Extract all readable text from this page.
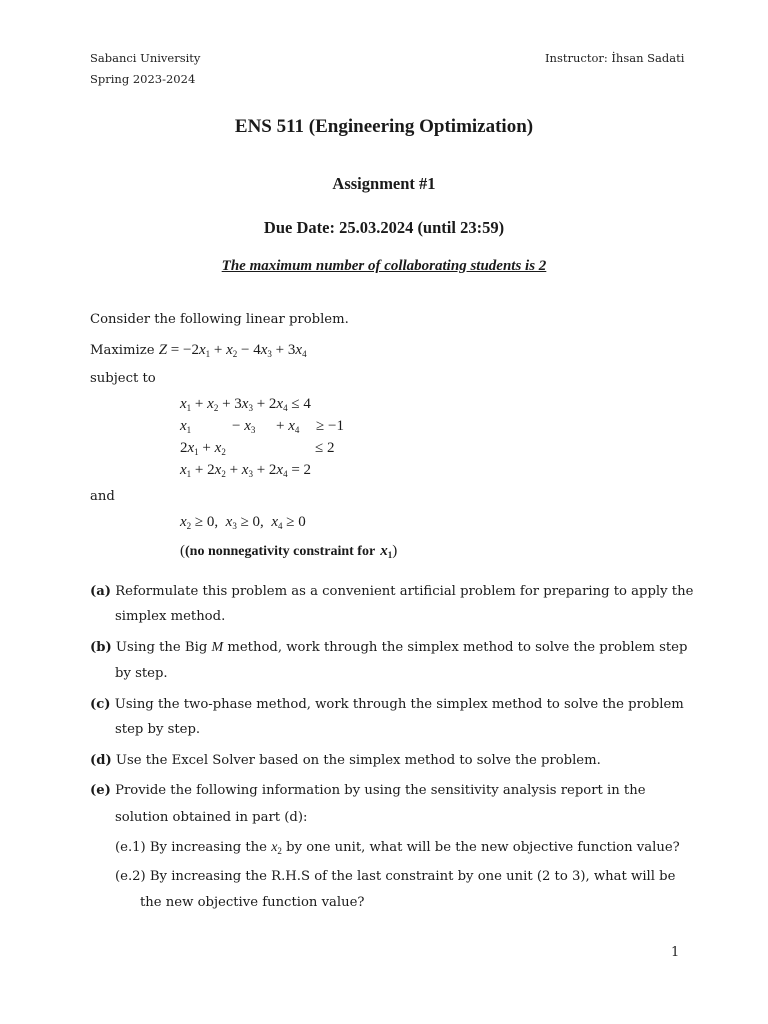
Sabanci University
Spring 2023-2024
Instructor: İhsan Sadati
ENS 511 (Engineering Optimization)
Assignment #1
Due Date: 25.03.2024 (until 23:59)
The maximum number of collaborating students is 2
Consider the following linear problem.
Maximize $Z = -2x_1 + x_2 - 4x_3 + 3x_4$
subject to
$x_1 + x_2 + 3x_3 + 2x_4 \le 4$
$x_1$	− $x_3 + x_4 \ge -1$
$2x_1 + x_2$	≤ 2
$x_1 + 2x_2 + x_3 + 2x_4 = 2$
and
$x_2 \ge 0$,  $x_3 \ge 0$,  $x_4 \ge 0$
((no nonnegativity constraint for $x_1$)
(a) Reformulate this problem as a convenient artificial problem for preparing to apply the
simplex method.
(b) Using the Big M method, work through the simplex method to solve the problem step
by step.
(c) Using the two-phase method, work through the simplex method to solve the problem
step by step.
(d) Use the Excel Solver based on the simplex method to solve the problem.
(e) Provide the following information by using the sensitivity analysis report in the
solution obtained in part (d):
(e.1) By increasing the $x_2$ by one unit, what will be the new objective function value?
(e.2) By increasing the R.H.S of the last constraint by one unit (2 to 3), what will be
the new objective function value?
1
